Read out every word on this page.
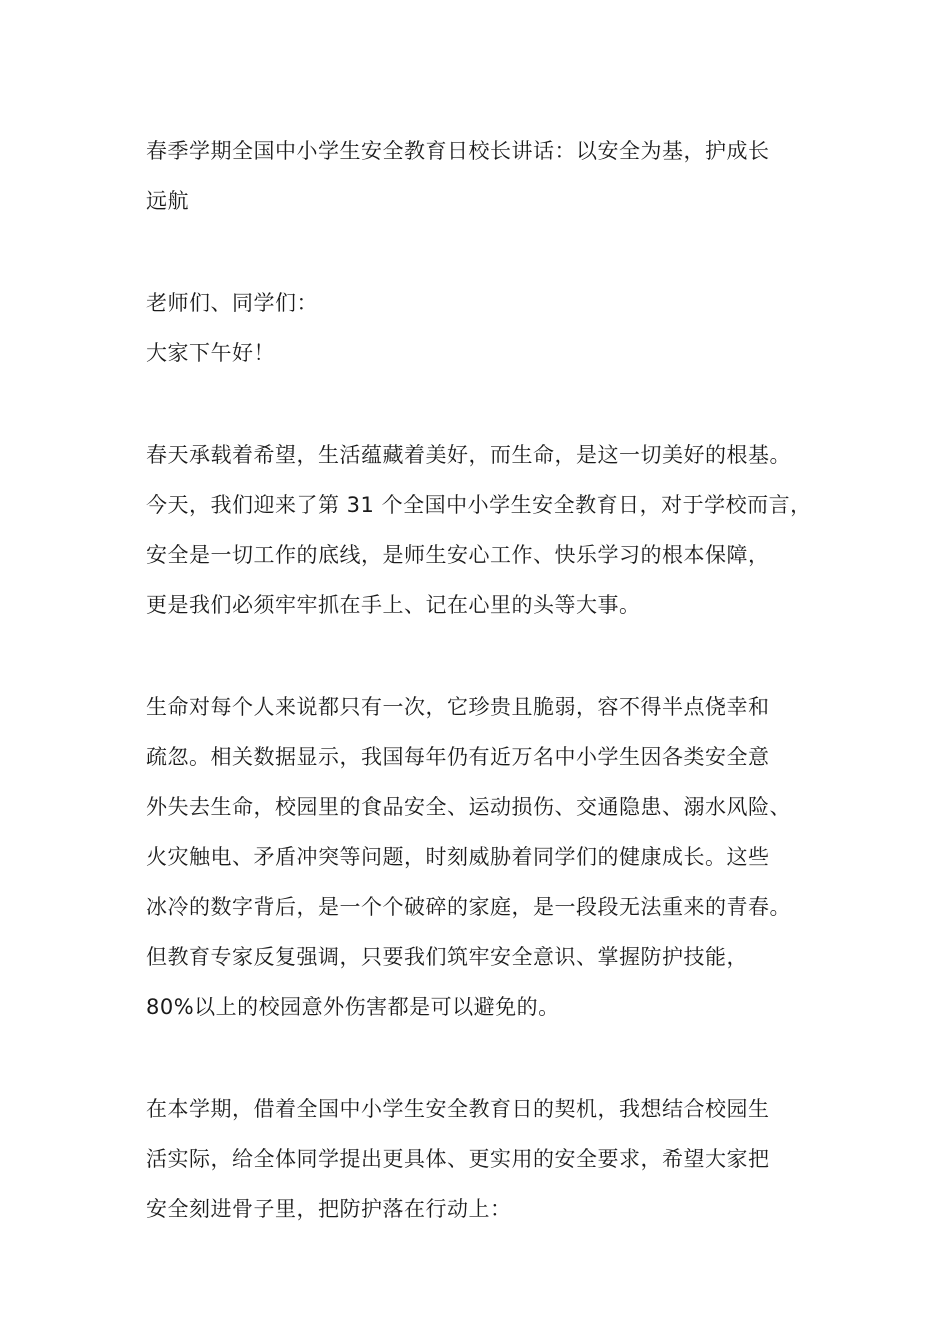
春季学期全国中小学生安全教育日校长讲话：以安全为基，护成长
远航
老师们、同学们：
大家下午好！
春天承载着希望，生活蕴藏着美好，而生命，是这一切美好的根基。
今天，我们迎来了第 31 个全国中小学生安全教育日，对于学校而言，
安全是一切工作的底线，是师生安心工作、快乐学习的根本保障，
更是我们必须牢牢抓在手上、记在心里的头等大事。
生命对每个人来说都只有一次，它珍贵且脆弱，容不得半点侥幸和
疏忽。相关数据显示，我国每年仍有近万名中小学生因各类安全意
外失去生命，校园里的食品安全、运动损伤、交通隐患、溺水风险、
火灾触电、矛盾冲突等问题，时刻威胁着同学们的健康成长。这些
冰冷的数字背后，是一个个破碎的家庭，是一段段无法重来的青春。
但教育专家反复强调，只要我们筑牢安全意识、掌握防护技能，
80%以上的校园意外伤害都是可以避免的。
在本学期，借着全国中小学生安全教育日的契机，我想结合校园生
活实际，给全体同学提出更具体、更实用的安全要求，希望大家把
安全刻进骨子里，把防护落在行动上：
